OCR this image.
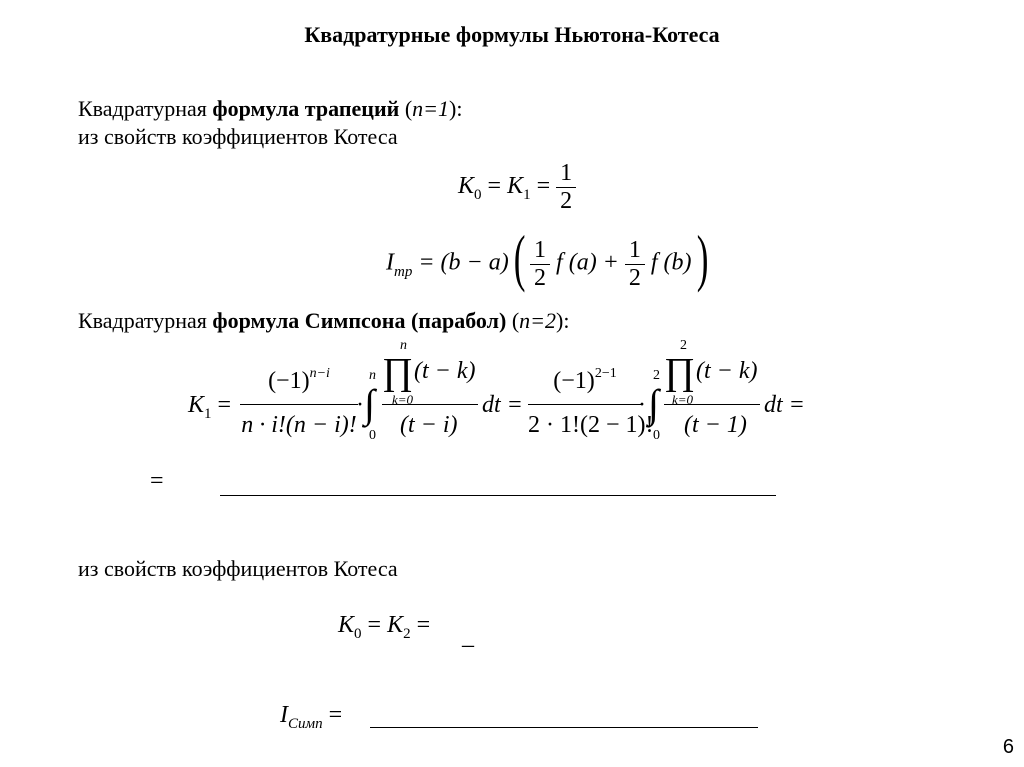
Квадратурные формулы Ньютона-Котеса
Квадратурная формула трапеций (n=1):
из свойств коэффициентов Котеса
$K_0 = K_1 = \frac{1}{2}$
$I_{тр} = (b - a)( \frac{1}{2}$ f $(a) + \frac{1}{2}$ f (b))
Квадратурная формула Симпсона (парабол) (n=2):
$K_1$ =
$(-1)^{n-i}$
n · i!(n − i)!
·
n
∫
0
n
∏
k=0
(t − k)
(t − i)
dt =
$(-1)^{2-1}$
2 · 1!(2 − 1)!
·
2
∫
0
2
∏
k=0
(t − k)
(t − 1)
dt =
=
из свойств коэффициентов Котеса
$K_0 = K_2$ = _
$I_{Симп}$ =
6
